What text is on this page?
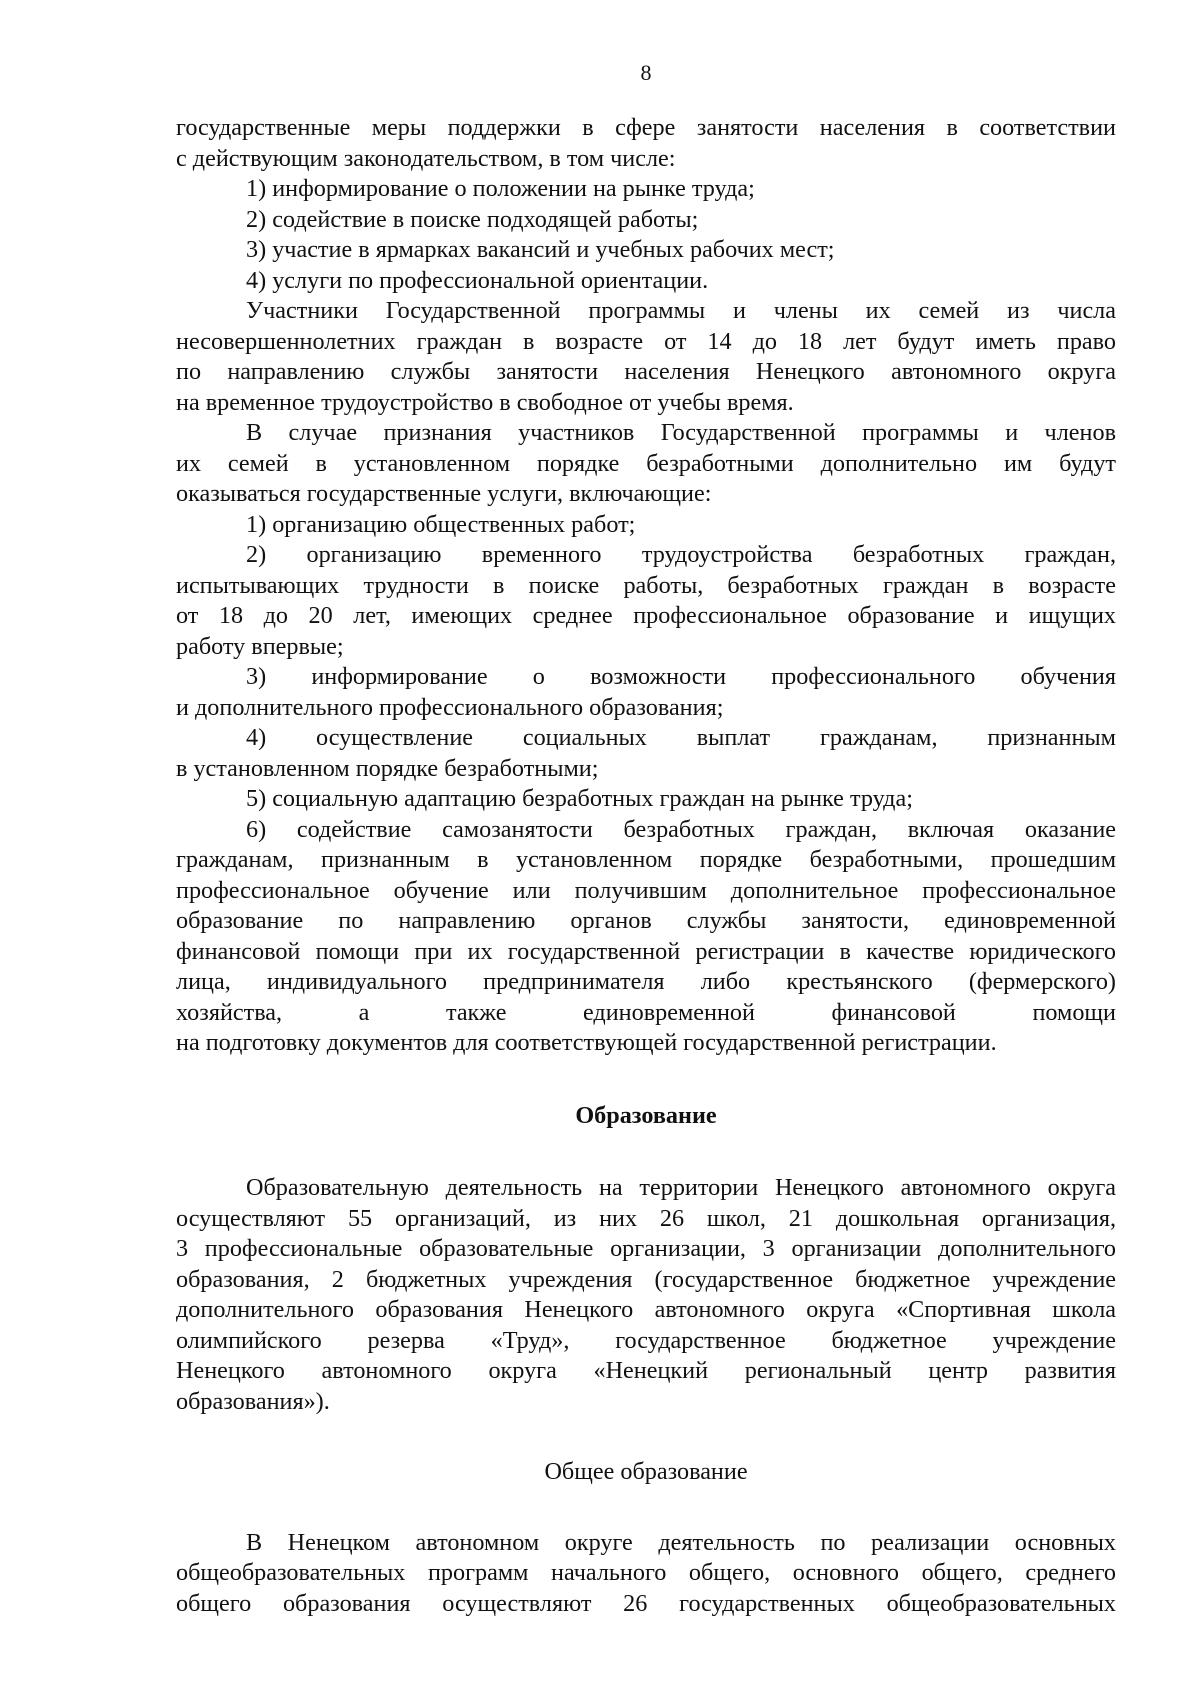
8

государственные меры поддержки в сфере занятости населения в соответствии

с действующим законодательством, в том числе:

1) информирование о положении на рынке труда;

2) содействие в поиске подходящей работы;

3) участие в ярмарках вакансий и учебных рабочих мест;

4) услуги по профессиональной ориентации.

Участники Государственной программы и члены их семей из числа

несовершеннолетних граждан в возрасте от 14 до 18 лет будут иметь право

по направлению службы занятости населения Ненецкого автономного округа

на временное трудоустройство в свободное от учебы время.

В случае признания участников Государственной программы и членов

их семей в установленном порядке безработными дополнительно им будут

оказываться государственные услуги, включающие:

1) организацию общественных работ;

2) организацию временного трудоустройства безработных граждан,

испытывающих трудности в поиске работы, безработных граждан в возрасте

от 18 до 20 лет, имеющих среднее профессиональное образование и ищущих

работу впервые;

3) информирование о возможности профессионального обучения

и дополнительного профессионального образования;

4) осуществление социальных выплат гражданам, признанным

в установленном порядке безработными;

5) социальную адаптацию безработных граждан на рынке труда;

6) содействие самозанятости безработных граждан, включая оказание

гражданам, признанным в установленном порядке безработными, прошедшим

профессиональное обучение или получившим дополнительное профессиональное

образование по направлению органов службы занятости, единовременной

финансовой помощи при их государственной регистрации в качестве юридического

лица, индивидуального предпринимателя либо крестьянского (фермерского)

хозяйства, а также единовременной финансовой помощи

на подготовку документов для соответствующей государственной регистрации.

Образование

Образовательную деятельность на территории Ненецкого автономного округа

осуществляют 55 организаций, из них 26 школ, 21 дошкольная организация,

3 профессиональные образовательные организации, 3 организации дополнительного

образования, 2 бюджетных учреждения (государственное бюджетное учреждение

дополнительного образования Ненецкого автономного округа «Спортивная школа

олимпийского резерва «Труд», государственное бюджетное учреждение

Ненецкого автономного округа «Ненецкий региональный центр развития

образования»).

Общее образование

В Ненецком автономном округе деятельность по реализации основных

общеобразовательных программ начального общего, основного общего, среднего

общего образования осуществляют 26 государственных общеобразовательных
